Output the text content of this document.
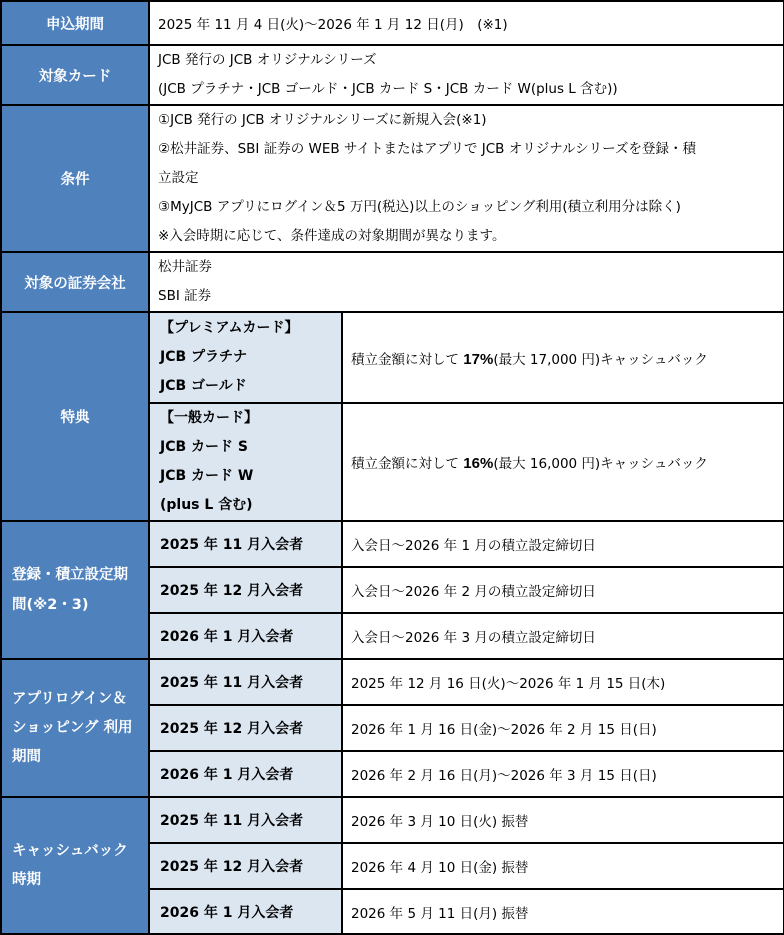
申込期間	2025 年 11 月 4 日(火)～2026 年 1 月 12 日(月)　(※1)	
対象カード	JCB 発行の JCB オリジナルシリーズ
(JCB プラチナ・JCB ゴールド・JCB カード S・JCB カード W(plus L 含む))	

条件	①JCB 発行の JCB オリジナルシリーズに新規入会(※1)
②松井証券、SBI 証券の WEB サイトまたはアプリで JCB オリジナルシリーズを登録・積
立設定
③MyJCB アプリにログイン＆5 万円(税込)以上のショッピング利用(積立利用分は除く)
※入会時期に応じて、条件達成の対象期間が異なります。	

対象の証券会社	松井証券
SBI 証券	

特典	【プレミアムカード】
JCB プラチナ
JCB ゴールド	積立金額に対して 17%(最大 17,000 円)キャッシュバック

	【一般カード】
JCB カード S
JCB カード W
(plus L 含む)	積立金額に対して 16%(最大 16,000 円)キャッシュバック
登録・積立設定期間(※2・3)	2025 年 11 月入会者	入会日～2026 年 1 月の積立設定締切日
	2025 年 12 月入会者	入会日～2026 年 2 月の積立設定締切日
	2026 年 1 月入会者	入会日～2026 年 3 月の積立設定締切日

アプリログイン＆
ショッピング 利用
期間	2025 年 11 月入会者	2025 年 12 月 16 日(火)～2026 年 1 月 15 日(木)
	2025 年 12 月入会者	2026 年 1 月 16 日(金)～2026 年 2 月 15 日(日)
	2026 年 1 月入会者	2026 年 2 月 16 日(月)～2026 年 3 月 15 日(日)

キャッシュバック
時期	2025 年 11 月入会者	2026 年 3 月 10 日(火) 振替
	2025 年 12 月入会者	2026 年 4 月 10 日(金) 振替
	2026 年 1 月入会者	2026 年 5 月 11 日(月) 振替
